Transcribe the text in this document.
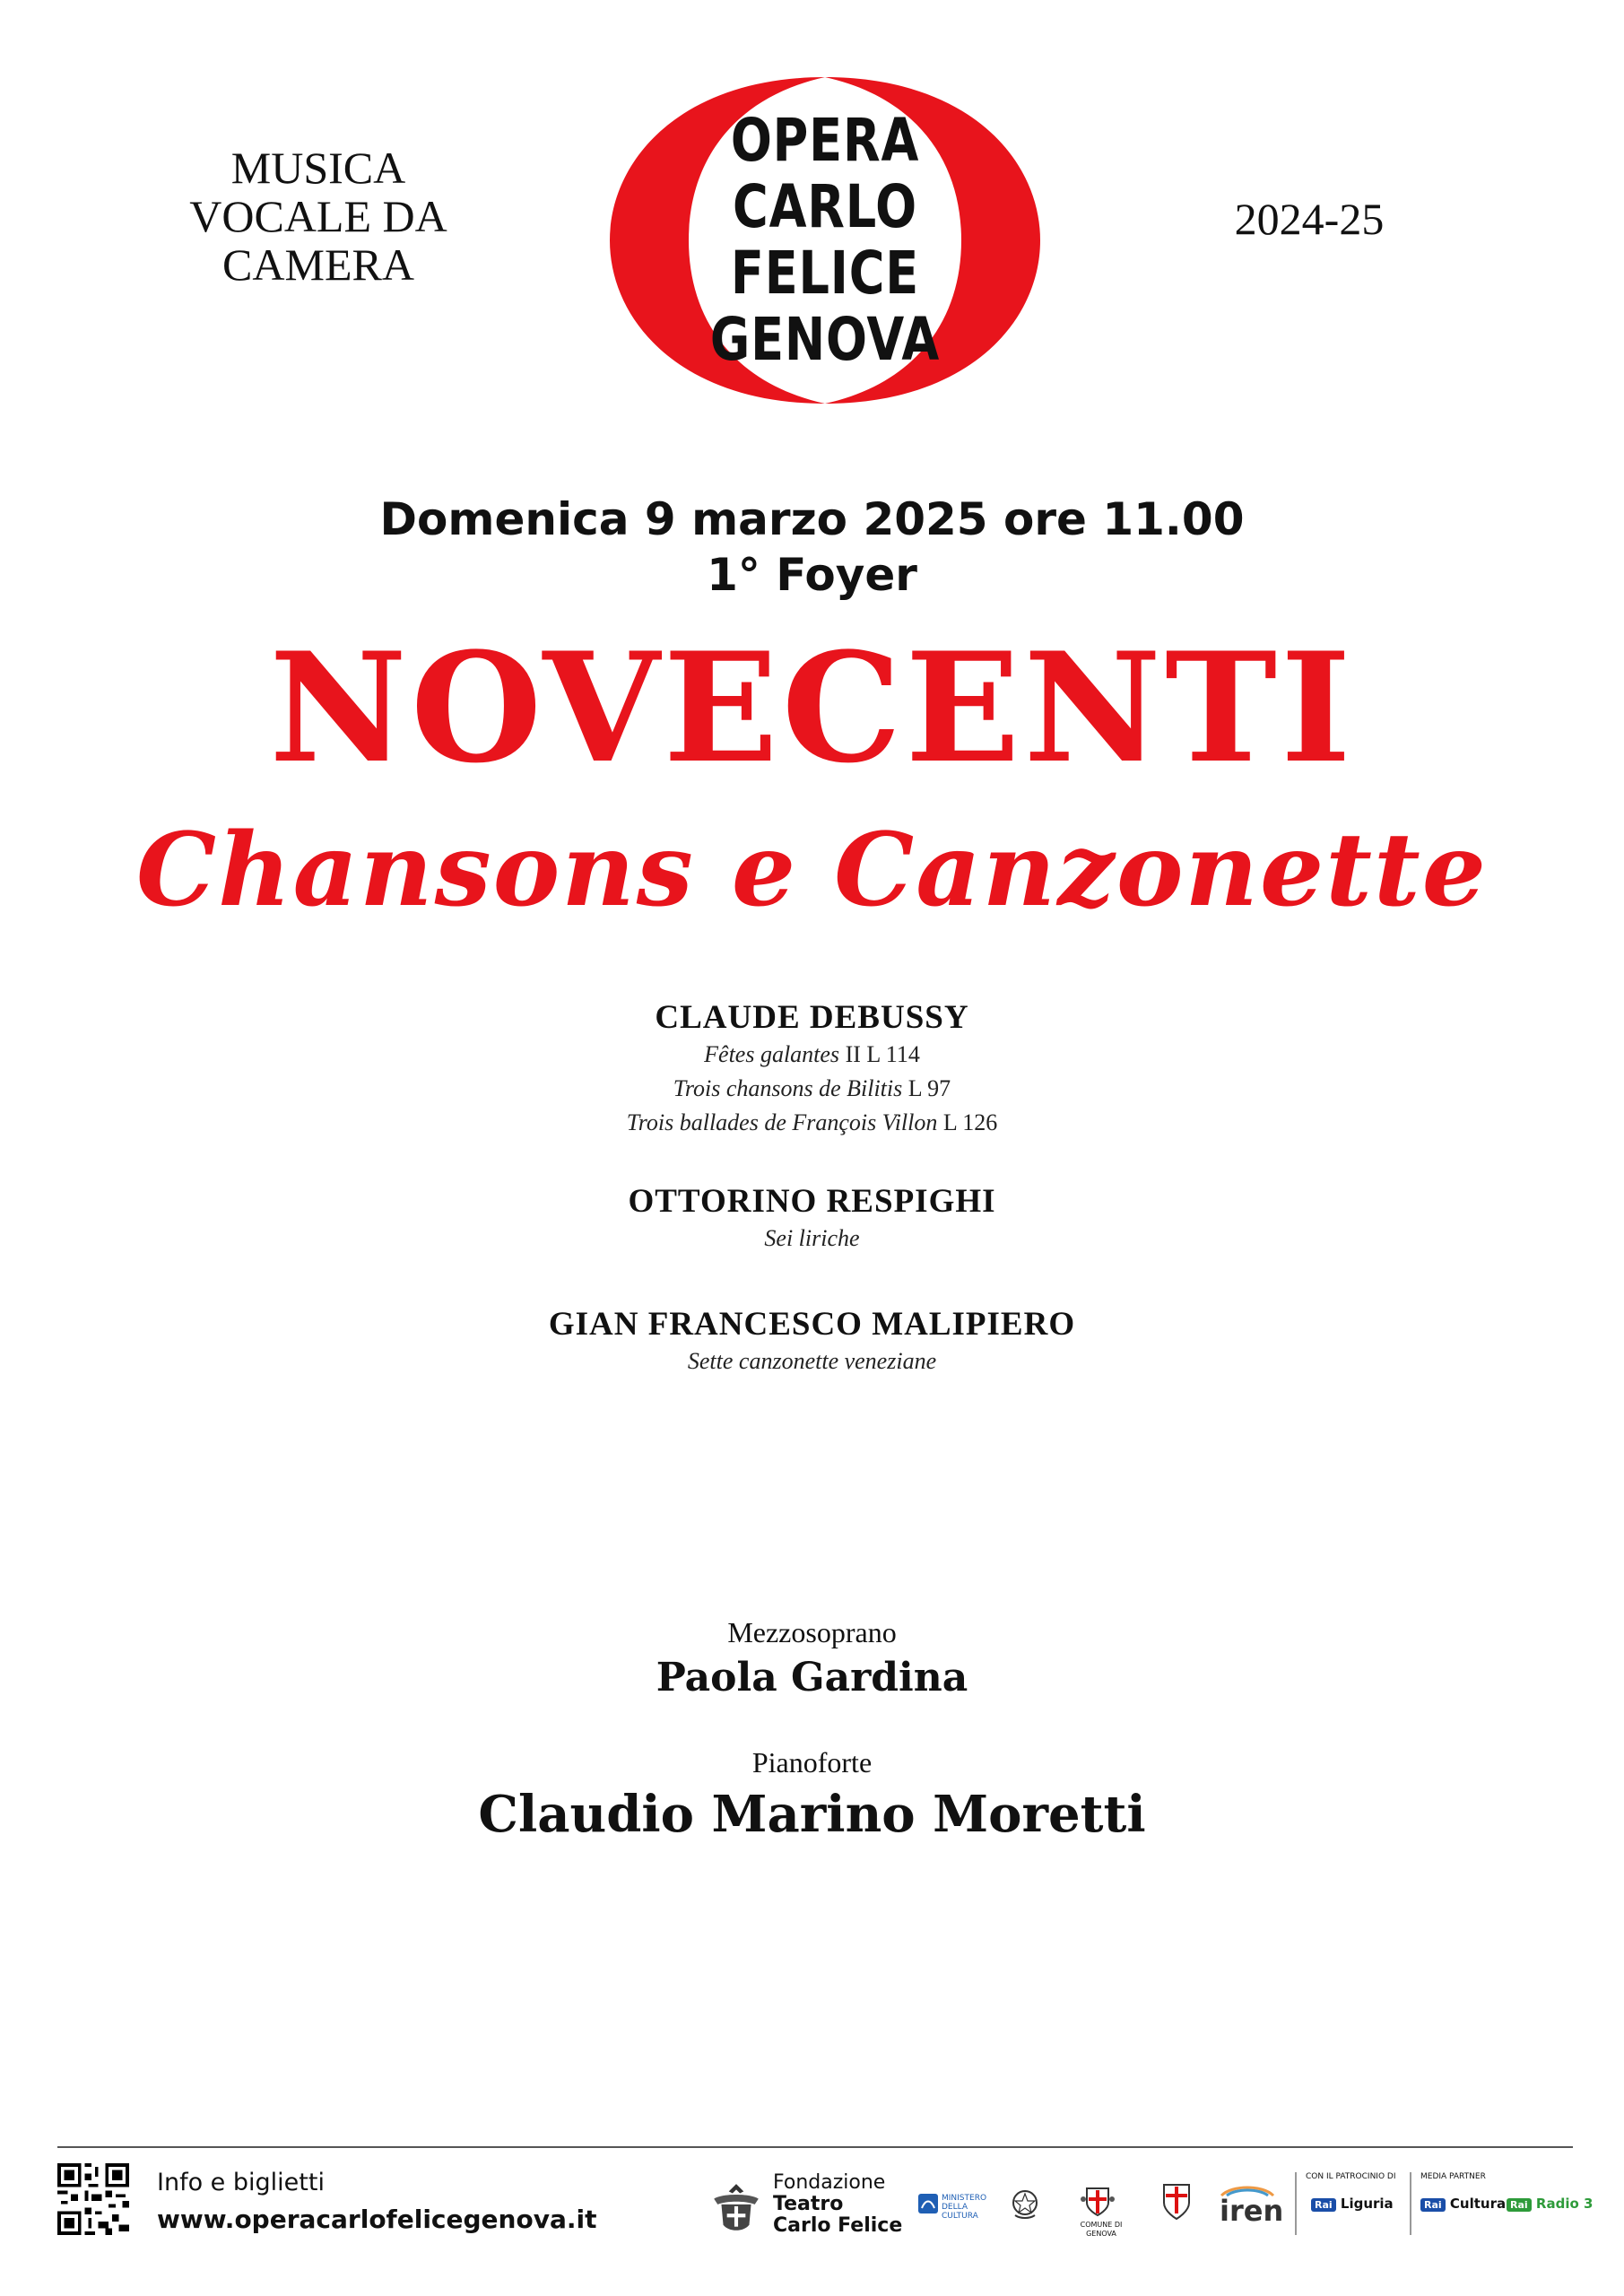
MUSICA
VOCALE DA
CAMERA
OPERA
CARLO
FELICE
GENOVA
2024-25
Domenica 9 marzo 2025 ore 11.00
1° Foyer
NOVECENTI
Chansons e Canzonette
CLAUDE DEBUSSY
Fêtes galantes II L 114
Trois chansons de Bilitis L 97
Trois ballades de François Villon L 126
OTTORINO RESPIGHI
Sei liriche
GIAN FRANCESCO MALIPIERO
Sette canzonette veneziane
Mezzosoprano
Paola Gardina
Pianoforte
Claudio Marino Moretti
Info e biglietti
www.operacarlofelicegenova.it
Fondazione
Teatro
Carlo Felice
MINISTERO
DELLA
CULTURA
COMUNE DI GENOVA
iren
CON IL PATROCINIO DI
Rai Liguria
MEDIA PARTNER
Rai Cultura Rai Radio 3
